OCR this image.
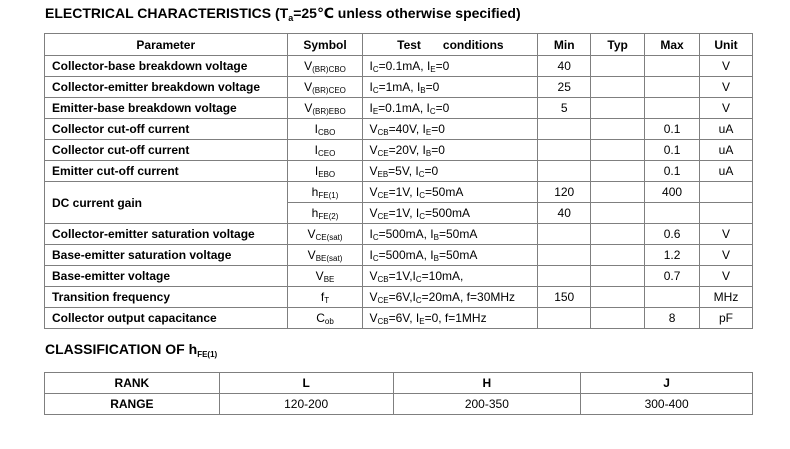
ELECTRICAL CHARACTERISTICS ($T_a=25℃$ unless otherwise specified)
Parameter	Symbol	Test conditions	Min	Typ	Max	Unit
Collector-base breakdown voltage	$V_{(BR)CBO}$	$I_C=0.1mA$, $I_E=0$	40			V
Collector-emitter breakdown voltage	$V_{(BR)CEO}$	$I_C=1mA$, $I_B=0$	25			V
Emitter-base breakdown voltage	$V_{(BR)EBO}$	$I_E=0.1mA$, $I_C=0$	5			V
Collector cut-off current	$I_{CBO}$	$V_{CB}=40V$, $I_E=0$			0.1	uA
Collector cut-off current	$I_{CEO}$	$V_{CE}=20V$, $I_B=0$			0.1	uA
Emitter cut-off current	$I_{EBO}$	$V_{EB}=5V$, $I_C=0$			0.1	uA
DC current gain	$h_{FE(1)}$	$V_{CE}=1V$, $I_C=50mA$	120		400	
	$h_{FE(2)}$	$V_{CE}=1V$, $I_C=500mA$	40			
Collector-emitter saturation voltage	$V_{CE(sat)}$	$I_C=500mA$, $I_B=50mA$			0.6	V
Base-emitter saturation voltage	$V_{BE(sat)}$	$I_C=500mA$, $I_B=50mA$			1.2	V
Base-emitter voltage	$V_{BE}$	$V_{CB}=1V,I_C=10mA$,			0.7	V
Transition frequency	$f_T$	$V_{CE}=6V,I_C=20mA$, f=30MHz	150			MHz
Collector output capacitance	$C_{ob}$	$V_{CB}=6V$, $I_E=0$, f=1MHz			8	pF
CLASSIFICATION OF $h_{FE(1)}$
RANK	L	H	J
RANGE	120-200	200-350	300-400
